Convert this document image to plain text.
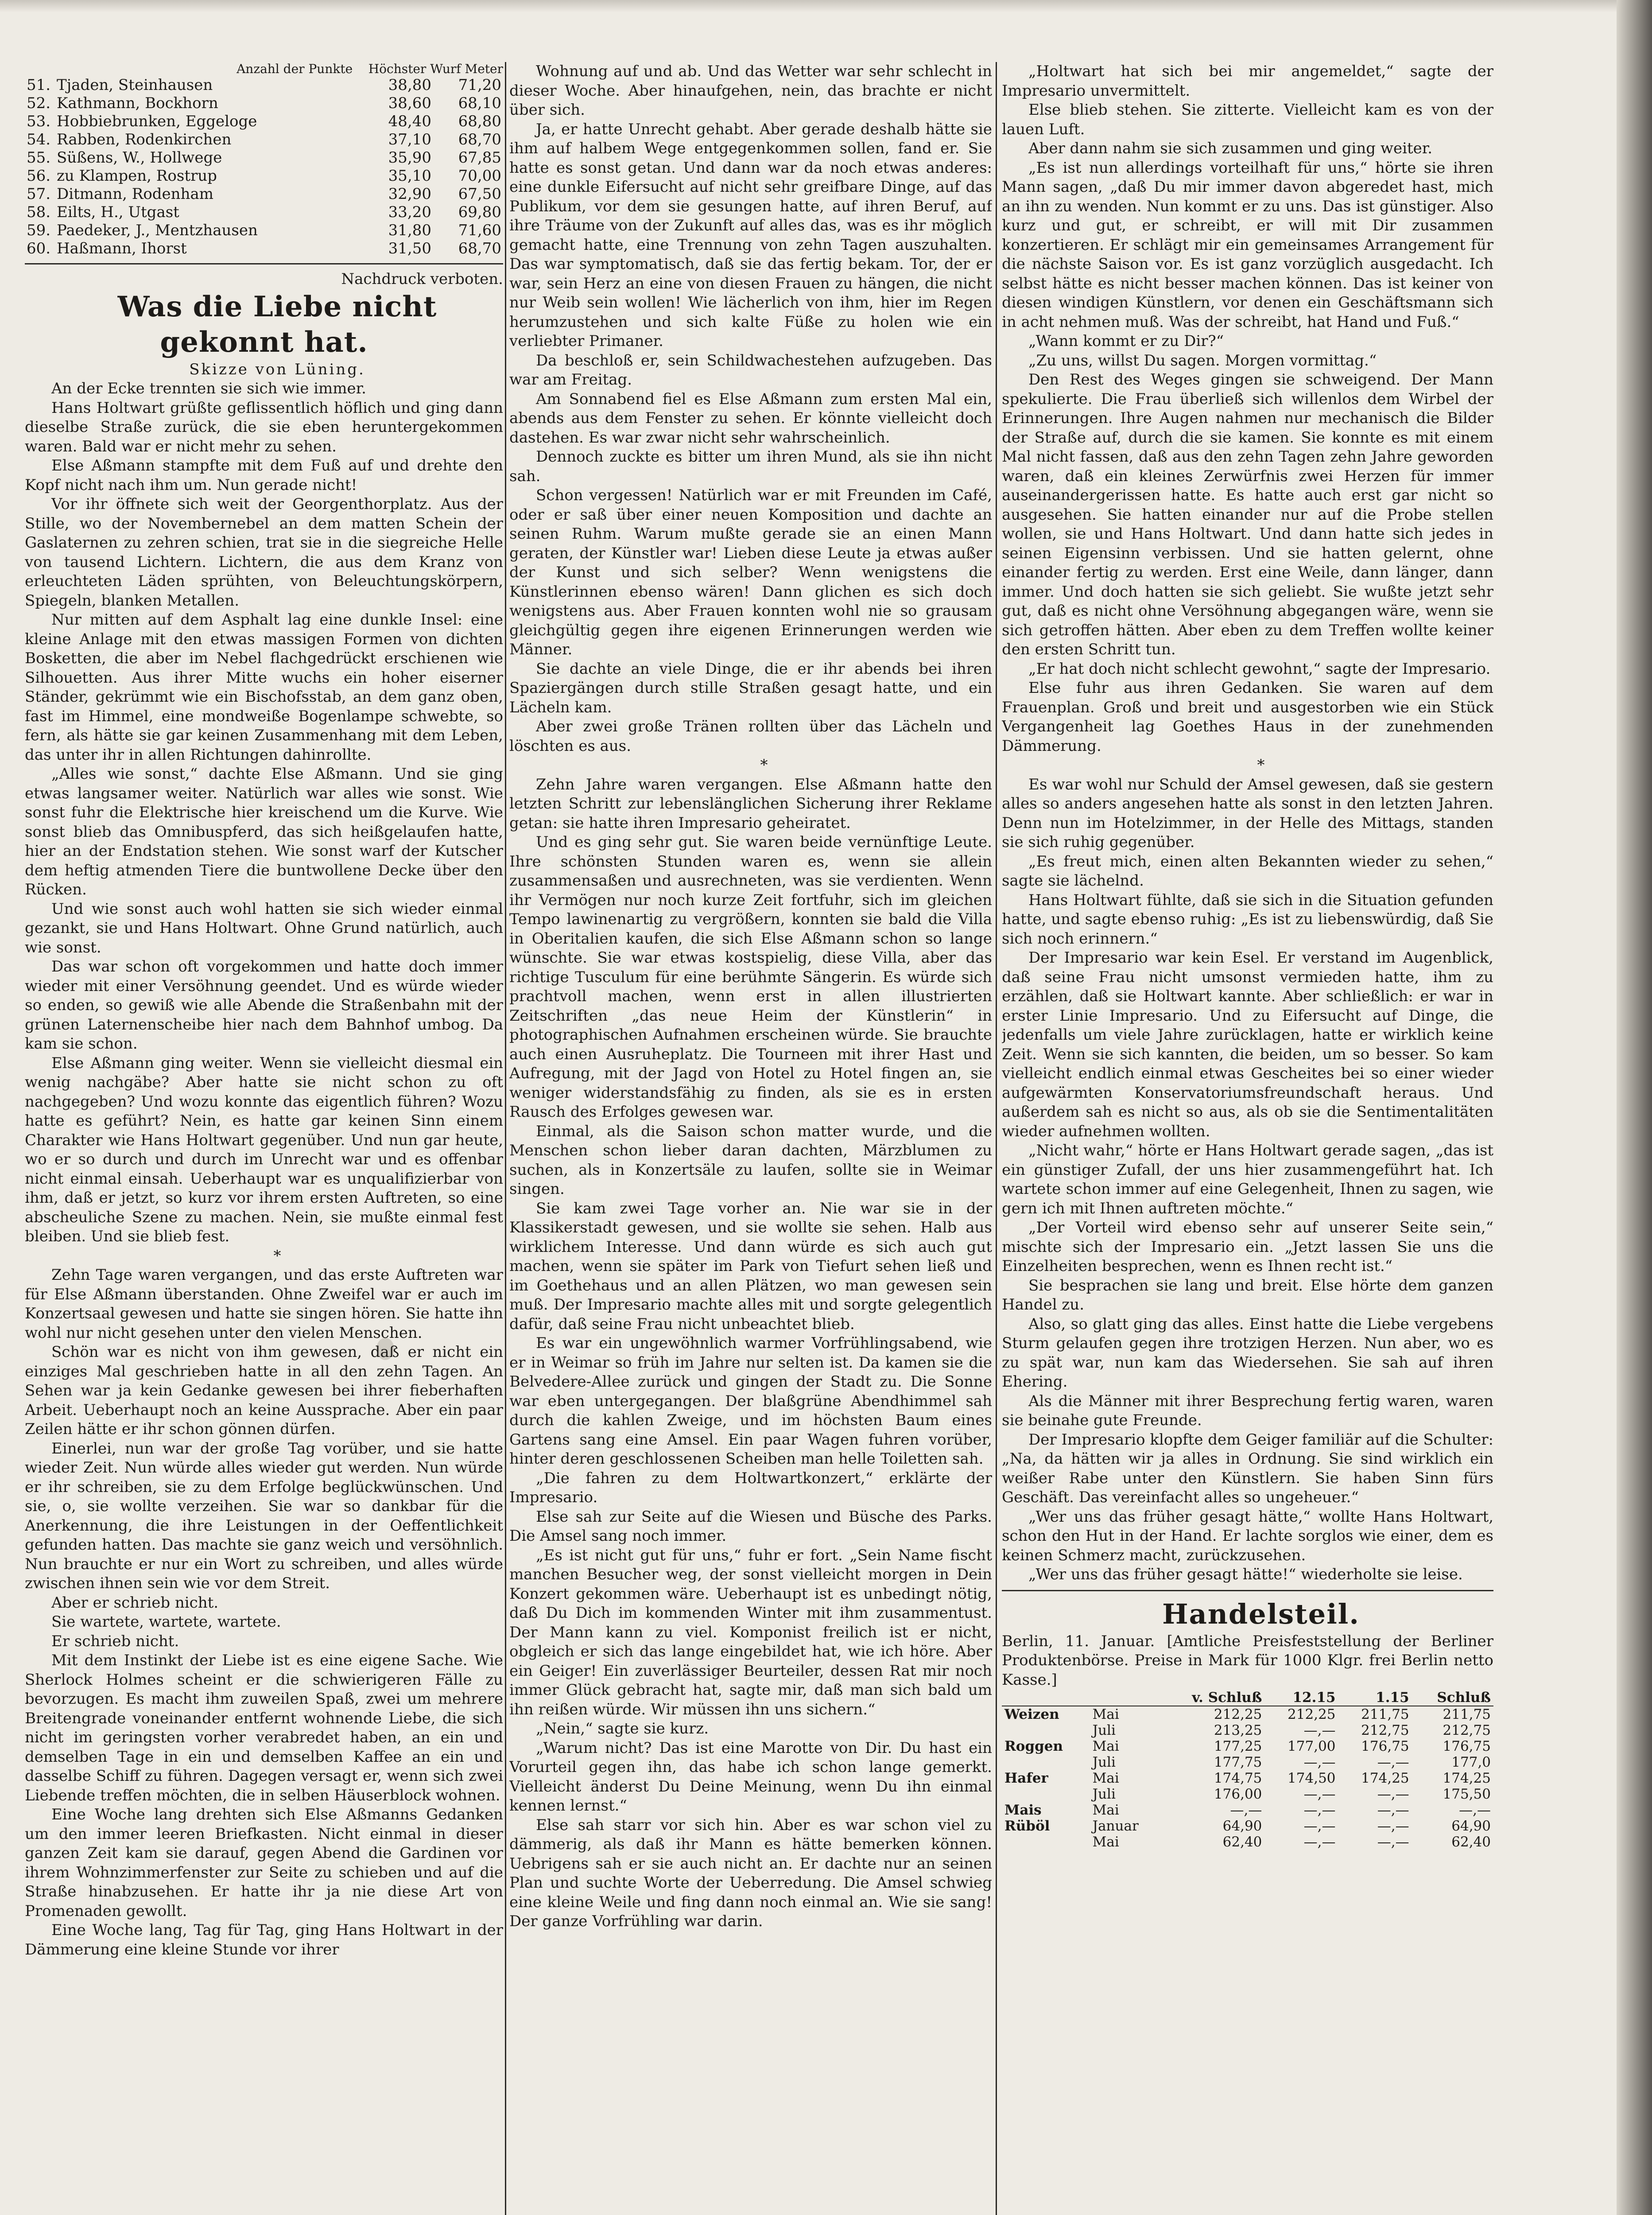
Anzahl der Punkte Höchster Wurf Meter
51.	Tjaden, Steinhausen	38,80	71,20
52.	Kathmann, Bockhorn	38,60	68,10
53.	Hobbiebrunken, Eggeloge	48,40	68,80
54.	Rabben, Rodenkirchen	37,10	68,70
55.	Süßens, W., Hollwege	35,90	67,85
56.	zu Klampen, Rostrup	35,10	70,00
57.	Ditmann, Rodenham	32,90	67,50
58.	Eilts, H., Utgast	33,20	69,80
59.	Paedeker, J., Mentzhausen	31,80	71,60
60.	Haßmann, Ihorst	31,50	68,70

Nachdruck verboten.

Was die Liebe nicht gekonnt hat.

Skizze von Lüning.

An der Ecke trennten sie sich wie immer.

Hans Holtwart grüßte geflissentlich höflich und ging dann dieselbe Straße zurück, die sie eben heruntergekommen waren. Bald war er nicht mehr zu sehen.

Else Aßmann stampfte mit dem Fuß auf und drehte den Kopf nicht nach ihm um. Nun gerade nicht!

Vor ihr öffnete sich weit der Georgenthorplatz. Aus der Stille, wo der Novembernebel an dem matten Schein der Gaslaternen zu zehren schien, trat sie in die siegreiche Helle von tausend Lichtern. Lichtern, die aus dem Kranz von erleuchteten Läden sprühten, von Beleuchtungskörpern, Spiegeln, blanken Metallen.

Nur mitten auf dem Asphalt lag eine dunkle Insel: eine kleine Anlage mit den etwas massigen Formen von dichten Bosketten, die aber im Nebel flachgedrückt erschienen wie Silhouetten. Aus ihrer Mitte wuchs ein hoher eiserner Ständer, gekrümmt wie ein Bischofsstab, an dem ganz oben, fast im Himmel, eine mondweiße Bogenlampe schwebte, so fern, als hätte sie gar keinen Zusammenhang mit dem Leben, das unter ihr in allen Richtungen dahinrollte.

„Alles wie sonst,“ dachte Else Aßmann. Und sie ging etwas langsamer weiter. Natürlich war alles wie sonst. Wie sonst fuhr die Elektrische hier kreischend um die Kurve. Wie sonst blieb das Omnibuspferd, das sich heißgelaufen hatte, hier an der Endstation stehen. Wie sonst warf der Kutscher dem heftig atmenden Tiere die buntwollene Decke über den Rücken.

Und wie sonst auch wohl hatten sie sich wieder einmal gezankt, sie und Hans Holtwart. Ohne Grund natürlich, auch wie sonst.

Das war schon oft vorgekommen und hatte doch immer wieder mit einer Versöhnung geendet. Und es würde wieder so enden, so gewiß wie alle Abende die Straßenbahn mit der grünen Laternenscheibe hier nach dem Bahnhof umbog. Da kam sie schon.

Else Aßmann ging weiter. Wenn sie vielleicht diesmal ein wenig nachgäbe? Aber hatte sie nicht schon zu oft nachgegeben? Und wozu konnte das eigentlich führen? Wozu hatte es geführt? Nein, es hatte gar keinen Sinn einem Charakter wie Hans Holtwart gegenüber. Und nun gar heute, wo er so durch und durch im Unrecht war und es offenbar nicht einmal einsah. Ueberhaupt war es unqualifizierbar von ihm, daß er jetzt, so kurz vor ihrem ersten Auftreten, so eine abscheuliche Szene zu machen. Nein, sie mußte einmal fest bleiben. Und sie blieb fest.

*

Zehn Tage waren vergangen, und das erste Auftreten war für Else Aßmann überstanden. Ohne Zweifel war er auch im Konzertsaal gewesen und hatte sie singen hören. Sie hatte ihn wohl nur nicht gesehen unter den vielen Menschen.

Schön war es nicht von ihm gewesen, daß er nicht ein einziges Mal geschrieben hatte in all den zehn Tagen. An Sehen war ja kein Gedanke gewesen bei ihrer fieberhaften Arbeit. Ueberhaupt noch an keine Aussprache. Aber ein paar Zeilen hätte er ihr schon gönnen dürfen.

Einerlei, nun war der große Tag vorüber, und sie hatte wieder Zeit. Nun würde alles wieder gut werden. Nun würde er ihr schreiben, sie zu dem Erfolge beglückwünschen. Und sie, o, sie wollte verzeihen. Sie war so dankbar für die Anerkennung, die ihre Leistungen in der Oeffentlichkeit gefunden hatten. Das machte sie ganz weich und versöhnlich. Nun brauchte er nur ein Wort zu schreiben, und alles würde zwischen ihnen sein wie vor dem Streit.

Aber er schrieb nicht.

Sie wartete, wartete, wartete.

Er schrieb nicht.

Mit dem Instinkt der Liebe ist es eine eigene Sache. Wie Sherlock Holmes scheint er die schwierigeren Fälle zu bevorzugen. Es macht ihm zuweilen Spaß, zwei um mehrere Breitengrade voneinander entfernt wohnende Liebe, die sich nicht im geringsten vorher verabredet haben, an ein und demselben Tage in ein und demselben Kaffee an ein und dasselbe Schiff zu führen. Dagegen versagt er, wenn sich zwei Liebende treffen möchten, die in selben Häuserblock wohnen.

Eine Woche lang drehten sich Else Aßmanns Gedanken um den immer leeren Briefkasten. Nicht einmal in dieser ganzen Zeit kam sie darauf, gegen Abend die Gardinen vor ihrem Wohnzimmerfenster zur Seite zu schieben und auf die Straße hinabzusehen. Er hatte ihr ja nie diese Art von Promenaden gewollt.

Eine Woche lang, Tag für Tag, ging Hans Holtwart in der Dämmerung eine kleine Stunde vor ihrer

Wohnung auf und ab. Und das Wetter war sehr schlecht in dieser Woche. Aber hinaufgehen, nein, das brachte er nicht über sich.

Ja, er hatte Unrecht gehabt. Aber gerade deshalb hätte sie ihm auf halbem Wege entgegenkommen sollen, fand er. Sie hatte es sonst getan. Und dann war da noch etwas anderes: eine dunkle Eifersucht auf nicht sehr greifbare Dinge, auf das Publikum, vor dem sie gesungen hatte, auf ihren Beruf, auf ihre Träume von der Zukunft auf alles das, was es ihr möglich gemacht hatte, eine Trennung von zehn Tagen auszuhalten. Das war symptomatisch, daß sie das fertig bekam. Tor, der er war, sein Herz an eine von diesen Frauen zu hängen, die nicht nur Weib sein wollen! Wie lächerlich von ihm, hier im Regen herumzustehen und sich kalte Füße zu holen wie ein verliebter Primaner.

Da beschloß er, sein Schildwachestehen aufzugeben. Das war am Freitag.

Am Sonnabend fiel es Else Aßmann zum ersten Mal ein, abends aus dem Fenster zu sehen. Er könnte vielleicht doch dastehen. Es war zwar nicht sehr wahrscheinlich.

Dennoch zuckte es bitter um ihren Mund, als sie ihn nicht sah.

Schon vergessen! Natürlich war er mit Freunden im Café, oder er saß über einer neuen Komposition und dachte an seinen Ruhm. Warum mußte gerade sie an einen Mann geraten, der Künstler war! Lieben diese Leute ja etwas außer der Kunst und sich selber? Wenn wenigstens die Künstlerinnen ebenso wären! Dann glichen es sich doch wenigstens aus. Aber Frauen konnten wohl nie so grausam gleichgültig gegen ihre eigenen Erinnerungen werden wie Männer.

Sie dachte an viele Dinge, die er ihr abends bei ihren Spaziergängen durch stille Straßen gesagt hatte, und ein Lächeln kam.

Aber zwei große Tränen rollten über das Lächeln und löschten es aus.

*

Zehn Jahre waren vergangen. Else Aßmann hatte den letzten Schritt zur lebenslänglichen Sicherung ihrer Reklame getan: sie hatte ihren Impresario geheiratet.

Und es ging sehr gut. Sie waren beide vernünftige Leute. Ihre schönsten Stunden waren es, wenn sie allein zusammensaßen und ausrechneten, was sie verdienten. Wenn ihr Vermögen nur noch kurze Zeit fortfuhr, sich im gleichen Tempo lawinenartig zu vergrößern, konnten sie bald die Villa in Oberitalien kaufen, die sich Else Aßmann schon so lange wünschte. Sie war etwas kostspielig, diese Villa, aber das richtige Tusculum für eine berühmte Sängerin. Es würde sich prachtvoll machen, wenn erst in allen illustrierten Zeitschriften „das neue Heim der Künstlerin“ in photographischen Aufnahmen erscheinen würde. Sie brauchte auch einen Ausruheplatz. Die Tourneen mit ihrer Hast und Aufregung, mit der Jagd von Hotel zu Hotel fingen an, sie weniger widerstandsfähig zu finden, als sie es in ersten Rausch des Erfolges gewesen war.

Einmal, als die Saison schon matter wurde, und die Menschen schon lieber daran dachten, Märzblumen zu suchen, als in Konzertsäle zu laufen, sollte sie in Weimar singen.

Sie kam zwei Tage vorher an. Nie war sie in der Klassikerstadt gewesen, und sie wollte sie sehen. Halb aus wirklichem Interesse. Und dann würde es sich auch gut machen, wenn sie später im Park von Tiefurt sehen ließ und im Goethehaus und an allen Plätzen, wo man gewesen sein muß. Der Impresario machte alles mit und sorgte gelegentlich dafür, daß seine Frau nicht unbeachtet blieb.

Es war ein ungewöhnlich warmer Vorfrühlingsabend, wie er in Weimar so früh im Jahre nur selten ist. Da kamen sie die Belvedere-Allee zurück und gingen der Stadt zu. Die Sonne war eben untergegangen. Der blaßgrüne Abendhimmel sah durch die kahlen Zweige, und im höchsten Baum eines Gartens sang eine Amsel. Ein paar Wagen fuhren vorüber, hinter deren geschlossenen Scheiben man helle Toiletten sah.

„Die fahren zu dem Holtwartkonzert,“ erklärte der Impresario.

Else sah zur Seite auf die Wiesen und Büsche des Parks. Die Amsel sang noch immer.

„Es ist nicht gut für uns,“ fuhr er fort. „Sein Name fischt manchen Besucher weg, der sonst vielleicht morgen in Dein Konzert gekommen wäre. Ueberhaupt ist es unbedingt nötig, daß Du Dich im kommenden Winter mit ihm zusammentust. Der Mann kann zu viel. Komponist freilich ist er nicht, obgleich er sich das lange eingebildet hat, wie ich höre. Aber ein Geiger! Ein zuverlässiger Beurteiler, dessen Rat mir noch immer Glück gebracht hat, sagte mir, daß man sich bald um ihn reißen würde. Wir müssen ihn uns sichern.“

„Nein,“ sagte sie kurz.

„Warum nicht? Das ist eine Marotte von Dir. Du hast ein Vorurteil gegen ihn, das habe ich schon lange gemerkt. Vielleicht änderst Du Deine Meinung, wenn Du ihn einmal kennen lernst.“

Else sah starr vor sich hin. Aber es war schon viel zu dämmerig, als daß ihr Mann es hätte bemerken können. Uebrigens sah er sie auch nicht an. Er dachte nur an seinen Plan und suchte Worte der Ueberredung. Die Amsel schwieg eine kleine Weile und fing dann noch einmal an. Wie sie sang! Der ganze Vorfrühling war darin.

„Holtwart hat sich bei mir angemeldet,“ sagte der Impresario unvermittelt.

Else blieb stehen. Sie zitterte. Vielleicht kam es von der lauen Luft.

Aber dann nahm sie sich zusammen und ging weiter.

„Es ist nun allerdings vorteilhaft für uns,“ hörte sie ihren Mann sagen, „daß Du mir immer davon abgeredet hast, mich an ihn zu wenden. Nun kommt er zu uns. Das ist günstiger. Also kurz und gut, er schreibt, er will mit Dir zusammen konzertieren. Er schlägt mir ein gemeinsames Arrangement für die nächste Saison vor. Es ist ganz vorzüglich ausgedacht. Ich selbst hätte es nicht besser machen können. Das ist keiner von diesen windigen Künstlern, vor denen ein Geschäftsmann sich in acht nehmen muß. Was der schreibt, hat Hand und Fuß.“

„Wann kommt er zu Dir?“

„Zu uns, willst Du sagen. Morgen vormittag.“

Den Rest des Weges gingen sie schweigend. Der Mann spekulierte. Die Frau überließ sich willenlos dem Wirbel der Erinnerungen. Ihre Augen nahmen nur mechanisch die Bilder der Straße auf, durch die sie kamen. Sie konnte es mit einem Mal nicht fassen, daß aus den zehn Tagen zehn Jahre geworden waren, daß ein kleines Zerwürfnis zwei Herzen für immer auseinandergerissen hatte. Es hatte auch erst gar nicht so ausgesehen. Sie hatten einander nur auf die Probe stellen wollen, sie und Hans Holtwart. Und dann hatte sich jedes in seinen Eigensinn verbissen. Und sie hatten gelernt, ohne einander fertig zu werden. Erst eine Weile, dann länger, dann immer. Und doch hatten sie sich geliebt. Sie wußte jetzt sehr gut, daß es nicht ohne Versöhnung abgegangen wäre, wenn sie sich getroffen hätten. Aber eben zu dem Treffen wollte keiner den ersten Schritt tun.

„Er hat doch nicht schlecht gewohnt,“ sagte der Impresario.

Else fuhr aus ihren Gedanken. Sie waren auf dem Frauenplan. Groß und breit und ausgestorben wie ein Stück Vergangenheit lag Goethes Haus in der zunehmenden Dämmerung.

*

Es war wohl nur Schuld der Amsel gewesen, daß sie gestern alles so anders angesehen hatte als sonst in den letzten Jahren. Denn nun im Hotelzimmer, in der Helle des Mittags, standen sie sich ruhig gegenüber.

„Es freut mich, einen alten Bekannten wieder zu sehen,“ sagte sie lächelnd.

Hans Holtwart fühlte, daß sie sich in die Situation gefunden hatte, und sagte ebenso ruhig: „Es ist zu liebenswürdig, daß Sie sich noch erinnern.“

Der Impresario war kein Esel. Er verstand im Augenblick, daß seine Frau nicht umsonst vermieden hatte, ihm zu erzählen, daß sie Holtwart kannte. Aber schließlich: er war in erster Linie Impresario. Und zu Eifersucht auf Dinge, die jedenfalls um viele Jahre zurücklagen, hatte er wirklich keine Zeit. Wenn sie sich kannten, die beiden, um so besser. So kam vielleicht endlich einmal etwas Gescheites bei so einer wieder aufgewärmten Konservatoriumsfreundschaft heraus. Und außerdem sah es nicht so aus, als ob sie die Sentimentalitäten wieder aufnehmen wollten.

„Nicht wahr,“ hörte er Hans Holtwart gerade sagen, „das ist ein günstiger Zufall, der uns hier zusammengeführt hat. Ich wartete schon immer auf eine Gelegenheit, Ihnen zu sagen, wie gern ich mit Ihnen auftreten möchte.“

„Der Vorteil wird ebenso sehr auf unserer Seite sein,“ mischte sich der Impresario ein. „Jetzt lassen Sie uns die Einzelheiten besprechen, wenn es Ihnen recht ist.“

Sie besprachen sie lang und breit. Else hörte dem ganzen Handel zu.

Also, so glatt ging das alles. Einst hatte die Liebe vergebens Sturm gelaufen gegen ihre trotzigen Herzen. Nun aber, wo es zu spät war, nun kam das Wiedersehen. Sie sah auf ihren Ehering.

Als die Männer mit ihrer Besprechung fertig waren, waren sie beinahe gute Freunde.

Der Impresario klopfte dem Geiger familiär auf die Schulter: „Na, da hätten wir ja alles in Ordnung. Sie sind wirklich ein weißer Rabe unter den Künstlern. Sie haben Sinn fürs Geschäft. Das vereinfacht alles so ungeheuer.“

„Wer uns das früher gesagt hätte,“ wollte Hans Holtwart, schon den Hut in der Hand. Er lachte sorglos wie einer, dem es keinen Schmerz macht, zurückzusehen.

„Wer uns das früher gesagt hätte!“ wiederholte sie leise.

Handelsteil.

Berlin, 11. Januar. [Amtliche Preisfeststellung der Berliner Produktenbörse. Preise in Mark für 1000 Klgr. frei Berlin netto Kasse.]

		v. Schluß	12.15	1.15	Schluß
Weizen	Mai	212,25	212,25	211,75	211,75
	Juli	213,25	—,—	212,75	212,75
Roggen	Mai	177,25	177,00	176,75	176,75
	Juli	177,75	—,—	—,—	177,0
Hafer	Mai	174,75	174,50	174,25	174,25
	Juli	176,00	—,—	—,—	175,50
Mais	Mai	—,—	—,—	—,—	—,—
Rüböl	Januar	64,90	—,—	—,—	64,90
	Mai	62,40	—,—	—,—	62,40
